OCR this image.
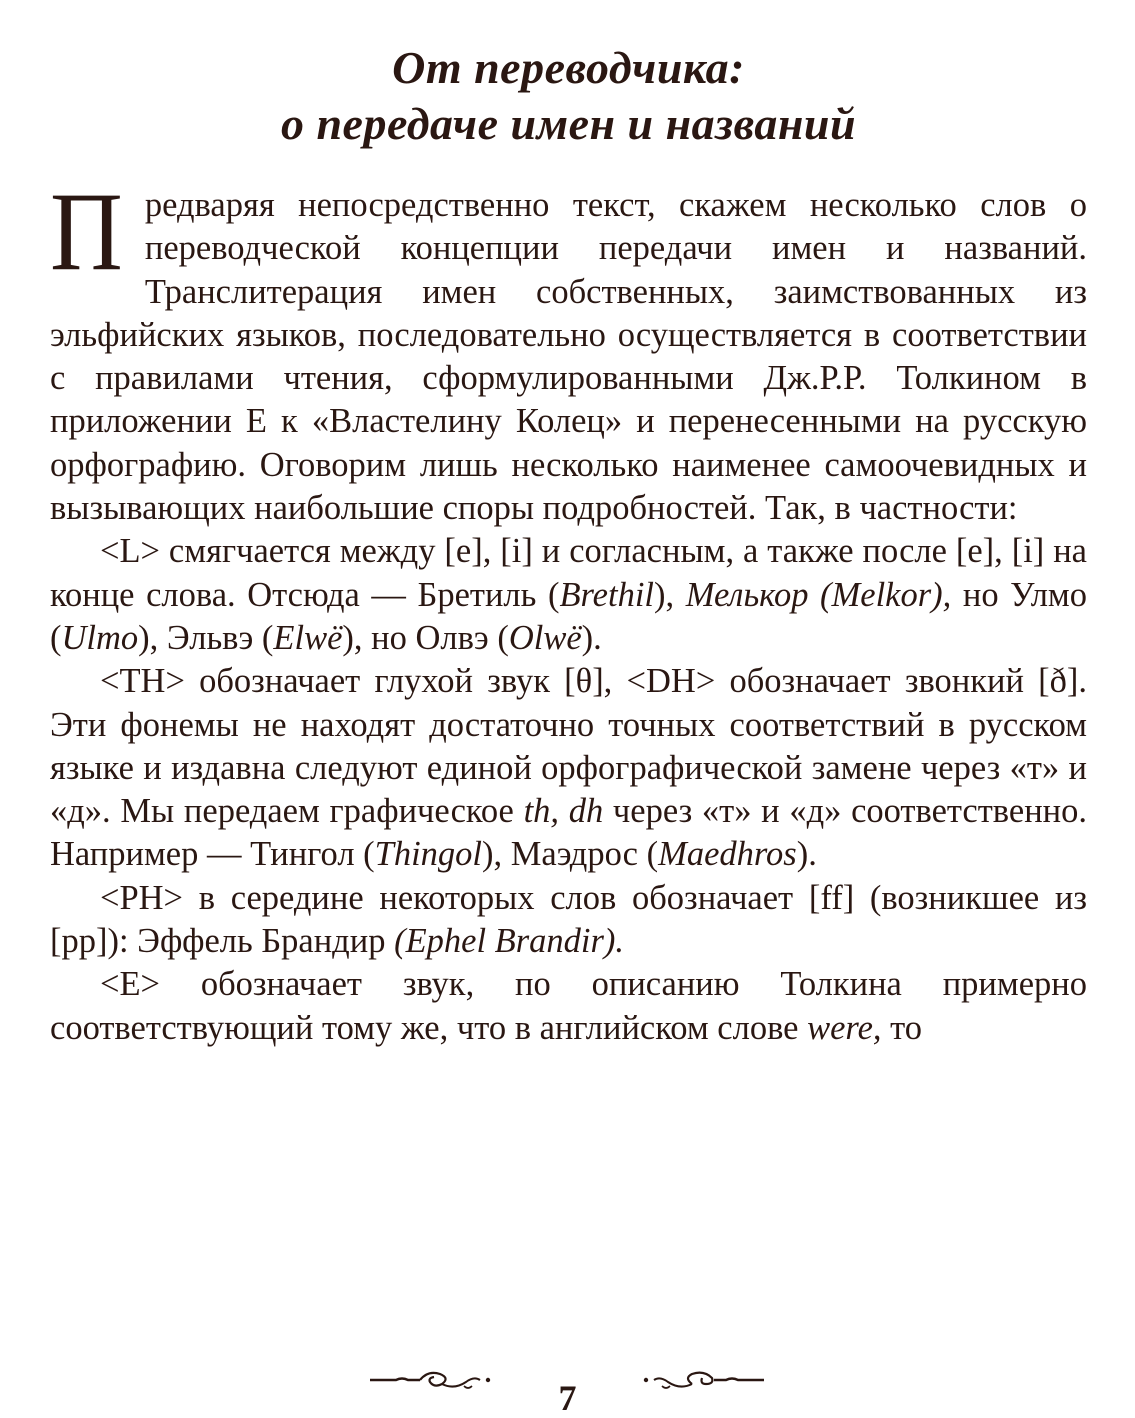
От переводчика:
о передаче имен и названий

Предваряя непосредственно текст, скажем несколько слов о переводческой концепции передачи имен и названий. Транслитерация имен собственных, заимствованных из эльфийских языков, последовательно осуществляется в соответствии с правилами чтения, сформулированными Дж.Р.Р. Толкином в приложении Е к «Властелину Колец» и перенесенными на русскую орфографию. Оговорим лишь несколько наименее самоочевидных и вызывающих наибольшие споры подробностей. Так, в частности:

<L> смягчается между [e], [i] и согласным, а также после [e], [i] на конце слова. Отсюда — Бретиль (Brethil), Мелькор (Melkor), но Улмо (Ulmo), Эльвэ (Elwë), но Олвэ (Olwë).

<TH> обозначает глухой звук [θ], <DH> обозначает звонкий [ð]. Эти фонемы не находят достаточно точных соответствий в русском языке и издавна следуют единой орфографической замене через «т» и «д». Мы передаем графическое th, dh через «т» и «д» соответственно. Например — Тингол (Thingol), Маэдрос (Maedhros).

<PH> в середине некоторых слов обозначает [ff] (возникшее из [pp]): Эффель Брандир (Ephel Brandir).

<E> обозначает звук, по описанию Толкина примерно соответствующий тому же, что в английском слове were, то

7
